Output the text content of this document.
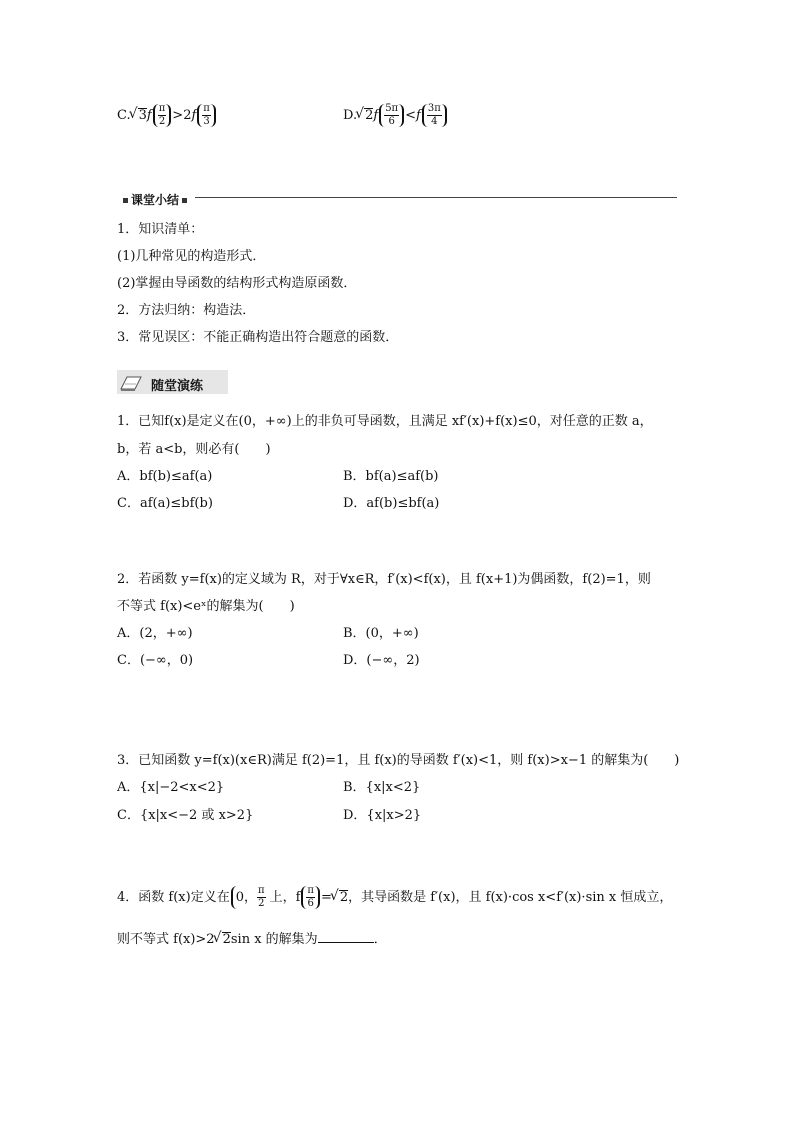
C. √ $3f \frac{\pi}{2} >2f \frac{\pi}{3}$	D. √ $2f \frac{5\pi}{6} <f \frac{3\pi}{4}$
课堂小结
1．知识清单：
(1)几种常见的构造形式．
(2)掌握由导函数的结构形式构造原函数．
2．方法归纳：构造法．
3．常见误区：不能正确构造出符合题意的函数．
随堂演练
1．已知f(x)是定义在(0，+∞)上的非负可导函数，且满足 xf′(x)+f(x)≤0，对任意的正数 a，
b，若 a<b，则必有(　　)
A．bf(b)≤af(a)	B．bf(a)≤af(b)
C．af(a)≤bf(b)	D．af(b)≤bf(a)
2．若函数 y=f(x)的定义域为 R，对于∀x∈R，f′(x)<f(x)，且 f(x+1)为偶函数，f(2)=1，则
不等式 f(x)<eˣ的解集为(　　)
A．(2，+∞)	B．(0，+∞)
C．(−∞，0)	D．(−∞，2)
3．已知函数 y=f(x)(x∈R)满足 f(2)=1，且 f(x)的导函数 f′(x)<1，则 f(x)>x−1 的解集为(　　)
A．{x|−2<x<2}	B．{x|x<2}
C．{x|x<−2 或 x>2}	D．{x|x>2}
4．函数 f(x)定义在 0， $\frac{\pi}{2}$ 上，f $\frac{\pi}{6}$ = √ 2，其导函数是 f′(x)，且 f(x)·cos x<f′(x)·sin x 恒成立，
则不等式 f(x)>2 √ 2sin x 的解集为	．
